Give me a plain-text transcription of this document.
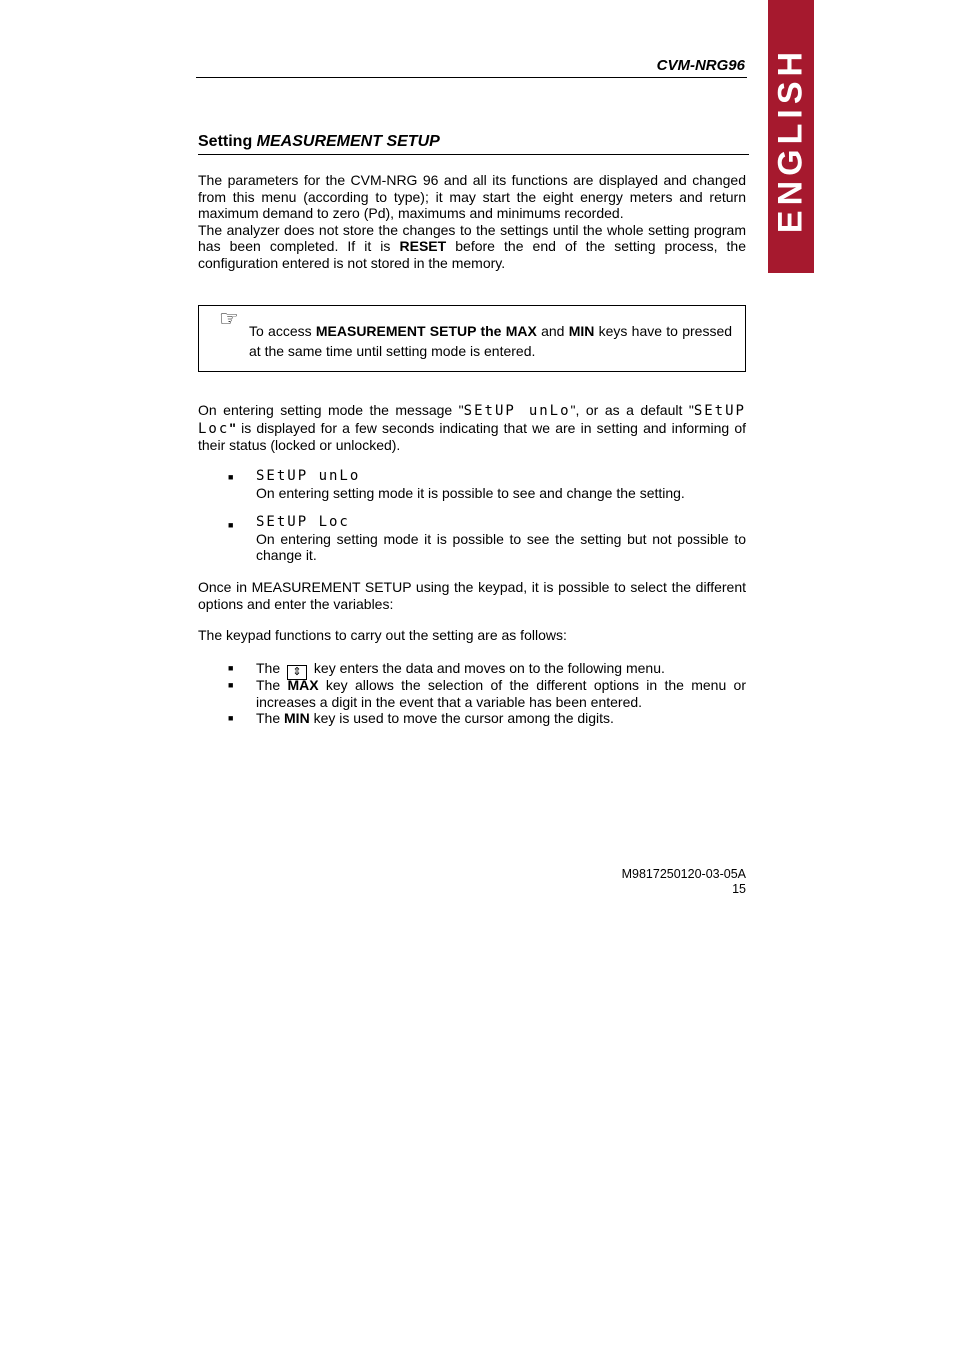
ENGLISH
CVM-NRG96
Setting MEASUREMENT SETUP
The parameters for the CVM-NRG 96 and all its functions are displayed and changed from this menu (according to type); it may start the eight energy meters and return maximum demand to zero (Pd), maximums and minimums recorded.
The analyzer does not store the changes to the settings until the whole setting program has been completed. If it is RESET before the end of the setting process, the configuration entered is not stored in the memory.
☞ To access MEASUREMENT SETUP the MAX and MIN keys have to pressed at the same time until setting mode is entered.
On entering setting mode the message "SEtUP unLo", or as a default "SEtUP Loc" is displayed for a few seconds indicating that we are in setting and informing of their status (locked or unlocked).
■ SEtUP unLo
On entering setting mode it is possible to see and change the setting.
■ SEtUP Loc
On entering setting mode it is possible to see the setting but not possible to change it.
Once in MEASUREMENT SETUP using the keypad, it is possible to select the different options and enter the variables:
The keypad functions to carry out the setting are as follows:
■ The ⇕ key enters the data and moves on to the following menu.
■ The MAX key allows the selection of the different options in the menu or increases a digit in the event that a variable has been entered.
■ The MIN key is used to move the cursor among the digits.
M9817250120-03-05A
15
